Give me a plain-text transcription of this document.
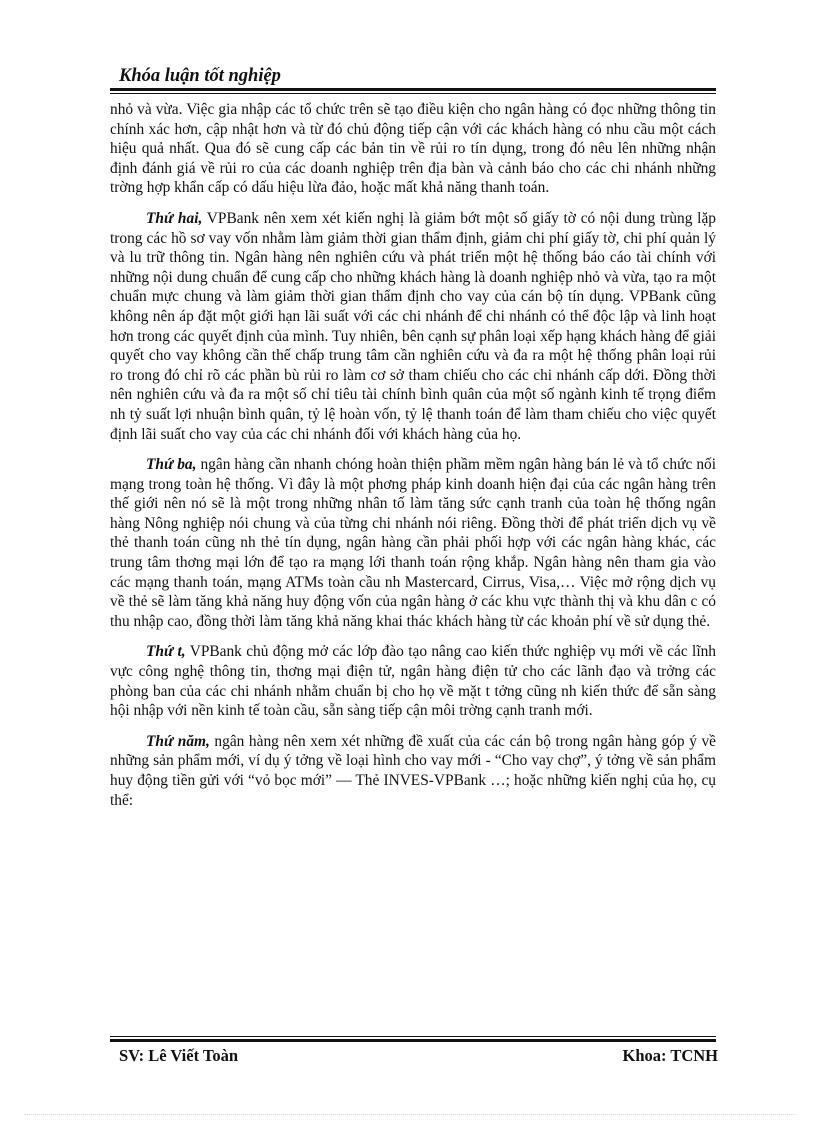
Khóa luận tốt nghiệp

nhỏ và vừa. Việc gia nhập các tổ chức trên sẽ tạo điều kiện cho ngân hàng có đọc những thông tin chính xác hơn, cập nhật hơn và từ đó chủ động tiếp cận với các khách hàng có nhu cầu một cách hiệu quả nhất. Qua đó sẽ cung cấp các bản tin về rủi ro tín dụng, trong đó nêu lên những nhận định đánh giá về rủi ro của các doanh nghiệp trên địa bàn và cảnh báo cho các chi nhánh những trờng hợp khẩn cấp có dấu hiệu lừa đảo, hoặc mất khả năng thanh toán.

Thứ hai, VPBank nên xem xét kiến nghị là giảm bớt một số giấy tờ có nội dung trùng lặp trong các hồ sơ vay vốn nhằm làm giảm thời gian thẩm định, giảm chi phí giấy tờ, chi phí quản lý và lu trữ thông tin. Ngân hàng nên nghiên cứu và phát triển một hệ thống báo cáo tài chính với những nội dung chuẩn để cung cấp cho những khách hàng là doanh nghiệp nhỏ và vừa, tạo ra một chuẩn mực chung và làm giảm thời gian thẩm định cho vay của cán bộ tín dụng. VPBank cũng không nên áp đặt một giới hạn lãi suất với các chi nhánh để chi nhánh có thể độc lập và linh hoạt hơn trong các quyết định của mình. Tuy nhiên, bên cạnh sự phân loại xếp hạng khách hàng để giải quyết cho vay không cần thế chấp trung tâm cần nghiên cứu và đa ra một hệ thống phân loại rủi ro trong đó chỉ rõ các phần bù rủi ro làm cơ sở tham chiếu cho các chi nhánh cấp dới. Đồng thời nên nghiên cứu và đa ra một số chỉ tiêu tài chính bình quân của một số ngành kinh tế trọng điểm nh tỷ suất lợi nhuận bình quân, tỷ lệ hoàn vốn, tỷ lệ thanh toán để làm tham chiếu cho việc quyết định lãi suất cho vay của các chi nhánh đối với khách hàng của họ.

Thứ ba, ngân hàng cần nhanh chóng hoàn thiện phầm mềm ngân hàng bán lẻ và tổ chức nối mạng trong toàn hệ thống. Vì đây là một phơng pháp kinh doanh hiện đại của các ngân hàng trên thế giới nên nó sẽ là một trong những nhân tố làm tăng sức cạnh tranh của toàn hệ thống ngân hàng Nông nghiệp nói chung và của từng chi nhánh nói riêng. Đồng thời để phát triển dịch vụ về thẻ thanh toán cũng nh thẻ tín dụng, ngân hàng cần phải phối hợp với các ngân hàng khác, các trung tâm thơng mại lớn để tạo ra mạng lới thanh toán rộng khắp. Ngân hàng nên tham gia vào các mạng thanh toán, mạng ATMs toàn cầu nh Mastercard, Cirrus, Visa,… Việc mở rộng dịch vụ về thẻ sẽ làm tăng khả năng huy động vốn của ngân hàng ở các khu vực thành thị và khu dân c có thu nhập cao, đồng thời làm tăng khả năng khai thác khách hàng từ các khoản phí về sử dụng thẻ.

Thứ t, VPBank chủ động mở các lớp đào tạo nâng cao kiến thức nghiệp vụ mới về các lĩnh vực công nghệ thông tin, thơng mại điện tử, ngân hàng điện tử cho các lãnh đạo và trởng các phòng ban của các chi nhánh nhằm chuẩn bị cho họ về mặt t tởng cũng nh kiến thức để sẵn sàng hội nhập với nền kinh tế toàn cầu, sẵn sàng tiếp cận môi trờng cạnh tranh mới.

Thứ năm, ngân hàng nên xem xét những đề xuất của các cán bộ trong ngân hàng góp ý về những sản phẩm mới, ví dụ ý tởng về loại hình cho vay mới - “Cho vay chợ”, ý tởng về sản phẩm huy động tiền gửi với “vỏ bọc mới” — Thẻ INVES-VPBank …; hoặc những kiến nghị của họ, cụ thể:

SV: Lê Viết Toàn	Khoa: TCNH
